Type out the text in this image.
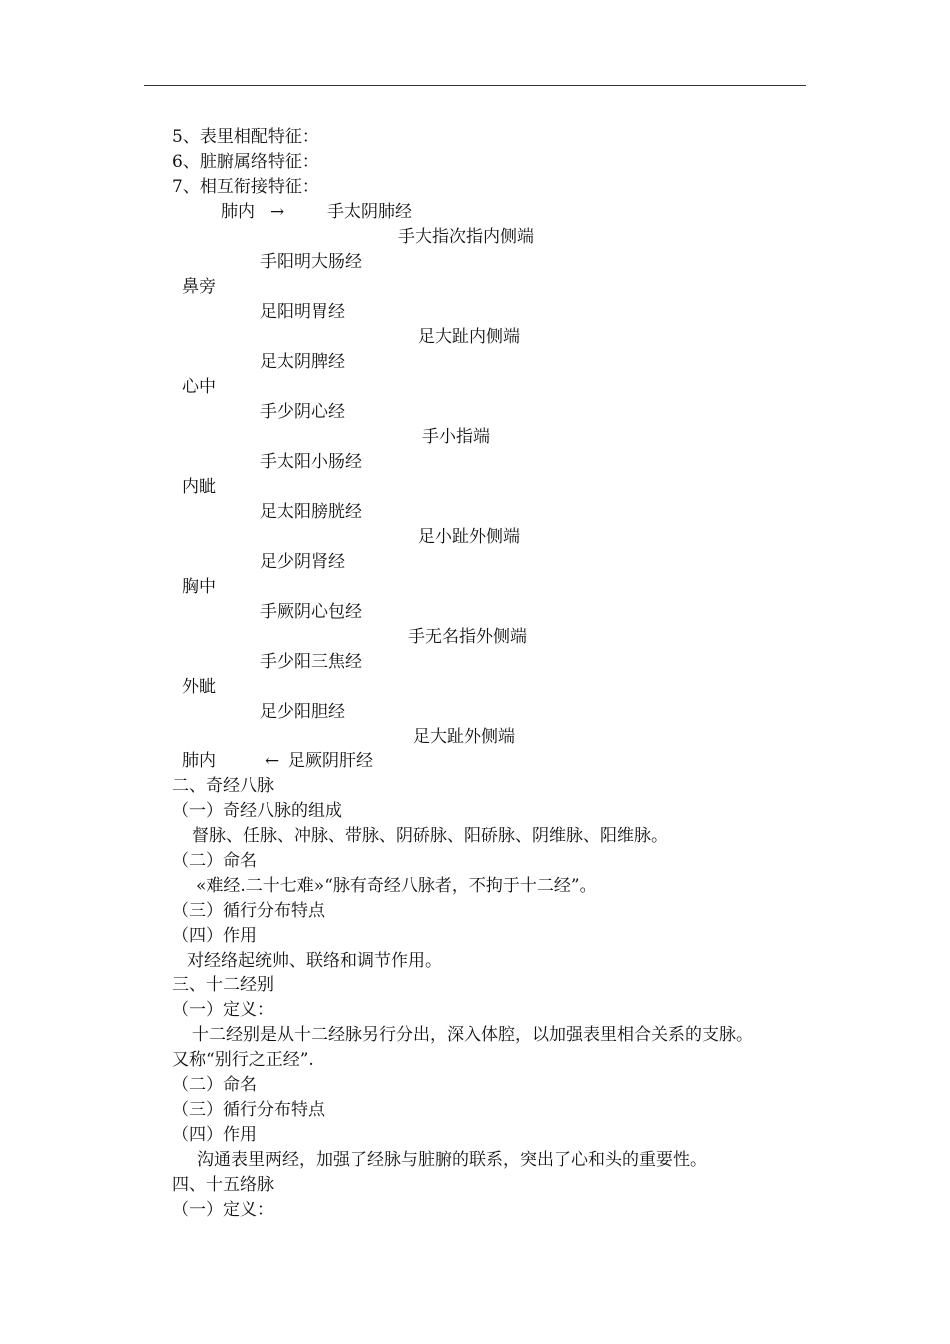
5、表里相配特征：
6、脏腑属络特征：
7、相互衔接特征：
肺内 →	手太阴肺经
手大指次指内侧端
手阳明大肠经
鼻旁
足阳明胃经
足大趾内侧端
足太阴脾经
心中
手少阴心经
手小指端
手太阳小肠经
内眦
足太阳膀胱经
足小趾外侧端
足少阴肾经
胸中
手厥阴心包经
手无名指外侧端
手少阳三焦经
外眦
足少阳胆经
足大趾外侧端
肺内	← 足厥阴肝经
二、奇经八脉
（一）奇经八脉的组成
督脉、任脉、冲脉、带脉、阴硚脉、阳硚脉、阴维脉、阳维脉。
（二）命名
«难经.二十七难»“脉有奇经八脉者，不拘于十二经”。
（三）循行分布特点
（四）作用
对经络起统帅、联络和调节作用。
三、十二经别
（一）定义：
十二经别是从十二经脉另行分出，深入体腔，以加强表里相合关系的支脉。
又称“别行之正经”.
（二）命名
（三）循行分布特点
（四）作用
沟通表里两经，加强了经脉与脏腑的联系，突出了心和头的重要性。
四、十五络脉
（一）定义：
